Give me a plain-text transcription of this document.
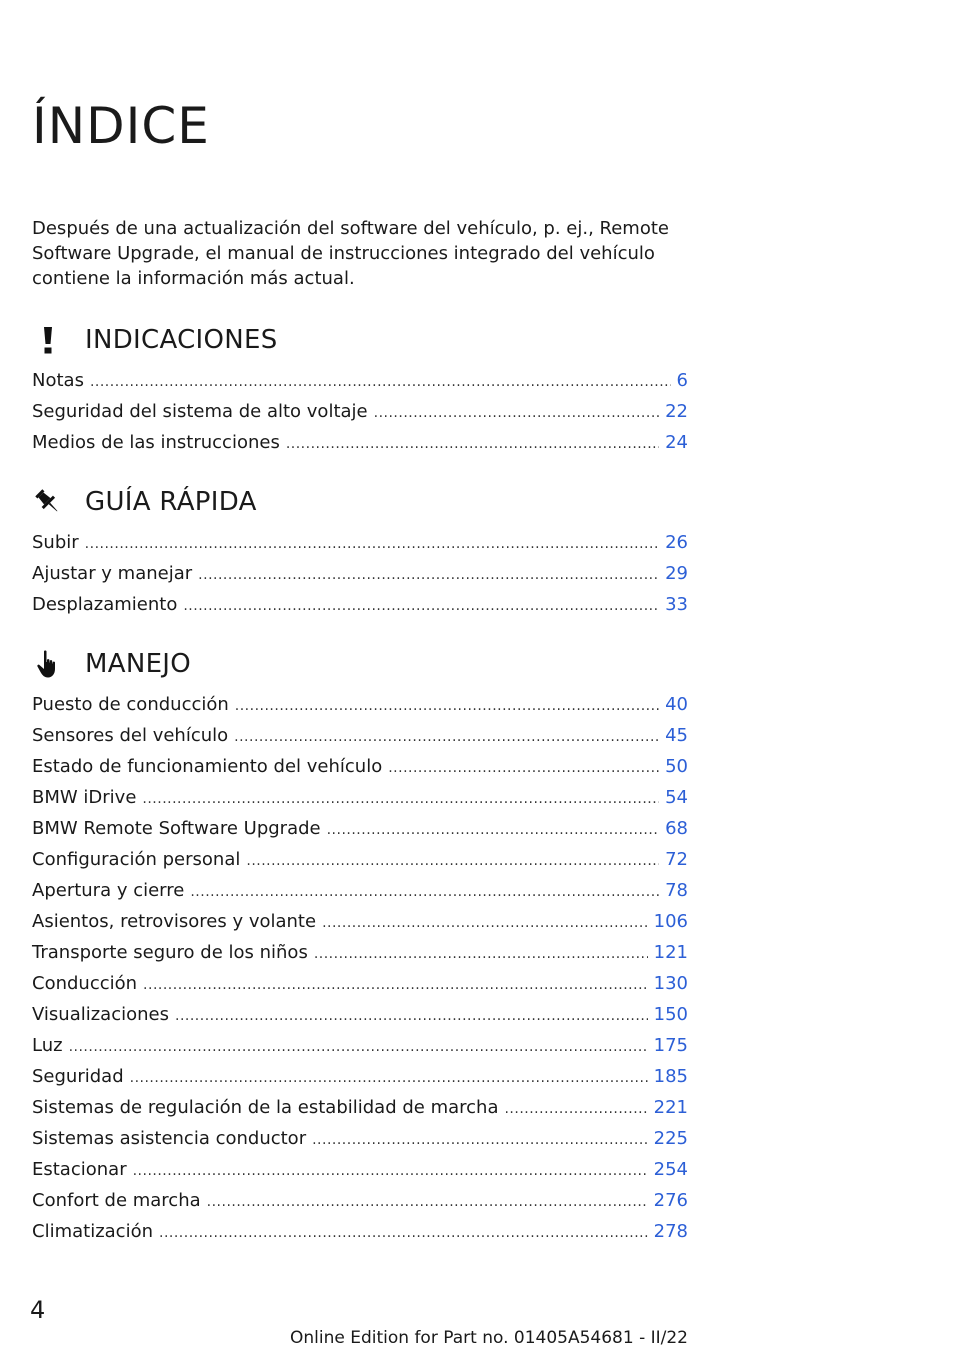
ÍNDICE

Después de una actualización del software del vehículo, p. ej., Remote Software Upgrade, el manual de instrucciones integrado del vehículo contiene la información más actual.

INDICACIONES
Notas .....	6
Seguridad del sistema de alto voltaje .....	22
Medios de las instrucciones .....	24
GUÍA RÁPIDA
Subir .....	26
Ajustar y manejar .....	29
Desplazamiento .....	33
MANEJO
Puesto de conducción .....	40
Sensores del vehículo .....	45
Estado de funcionamiento del vehículo .....	50
BMW iDrive .....	54
BMW Remote Software Upgrade .....	68
Configuración personal .....	72
Apertura y cierre .....	78
Asientos, retrovisores y volante .....	106
Transporte seguro de los niños .....	121
Conducción .....	130
Visualizaciones .....	150
Luz .....	175
Seguridad .....	185
Sistemas de regulación de la estabilidad de marcha .....	221
Sistemas asistencia conductor .....	225
Estacionar .....	254
Confort de marcha .....	276
Climatización .....	278

4

Online Edition for Part no. 01405A54681 - II/22
